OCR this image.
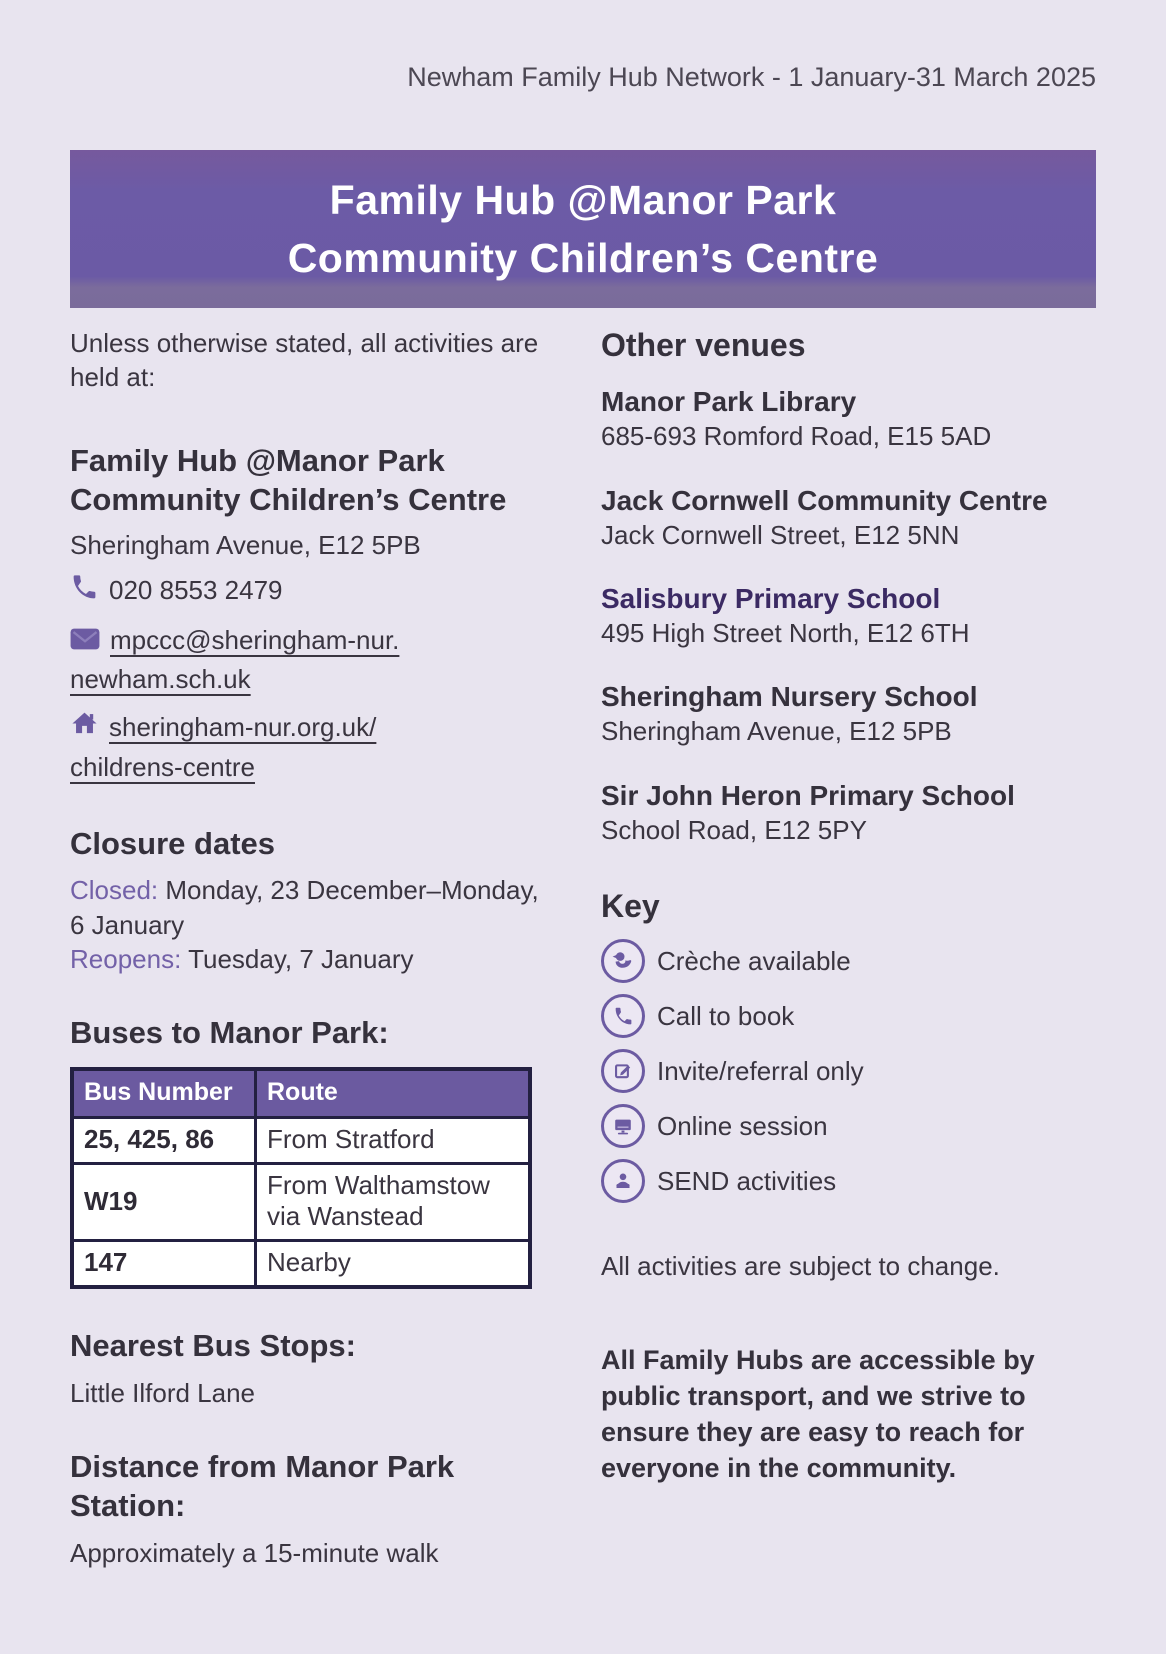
Newham Family Hub Network - 1 January-31 March 2025
Family Hub @Manor Park
Community Children’s Centre

Unless otherwise stated, all activities are held at:

Family Hub @Manor Park Community Children’s Centre

Sheringham Avenue, E12 5PB

020 8553 2479

mpccc@sheringham-nur.
newham.sch.uk

sheringham-nur.org.uk/
childrens-centre

Closure dates

Closed: Monday, 23 December–Monday, 6 January

Reopens: Tuesday, 7 January

Buses to Manor Park:
Bus Number	Route
25, 425, 86	From Stratford
W19	From Walthamstow via Wanstead
147	Nearby
Nearest Bus Stops:

Little Ilford Lane

Distance from Manor Park Station:

Approximately a 15-minute walk

Other venues
Manor Park Library
685-693 Romford Road, E15 5AD
Jack Cornwell Community Centre
Jack Cornwell Street, E12 5NN
Salisbury Primary School
495 High Street North, E12 6TH
Sheringham Nursery School
Sheringham Avenue, E12 5PB
Sir John Heron Primary School
School Road, E12 5PY
Key
Crèche available
Call to book
Invite/referral only
Online session
SEND activities

All activities are subject to change.

All Family Hubs are accessible by public transport, and we strive to ensure they are easy to reach for everyone in the community.
